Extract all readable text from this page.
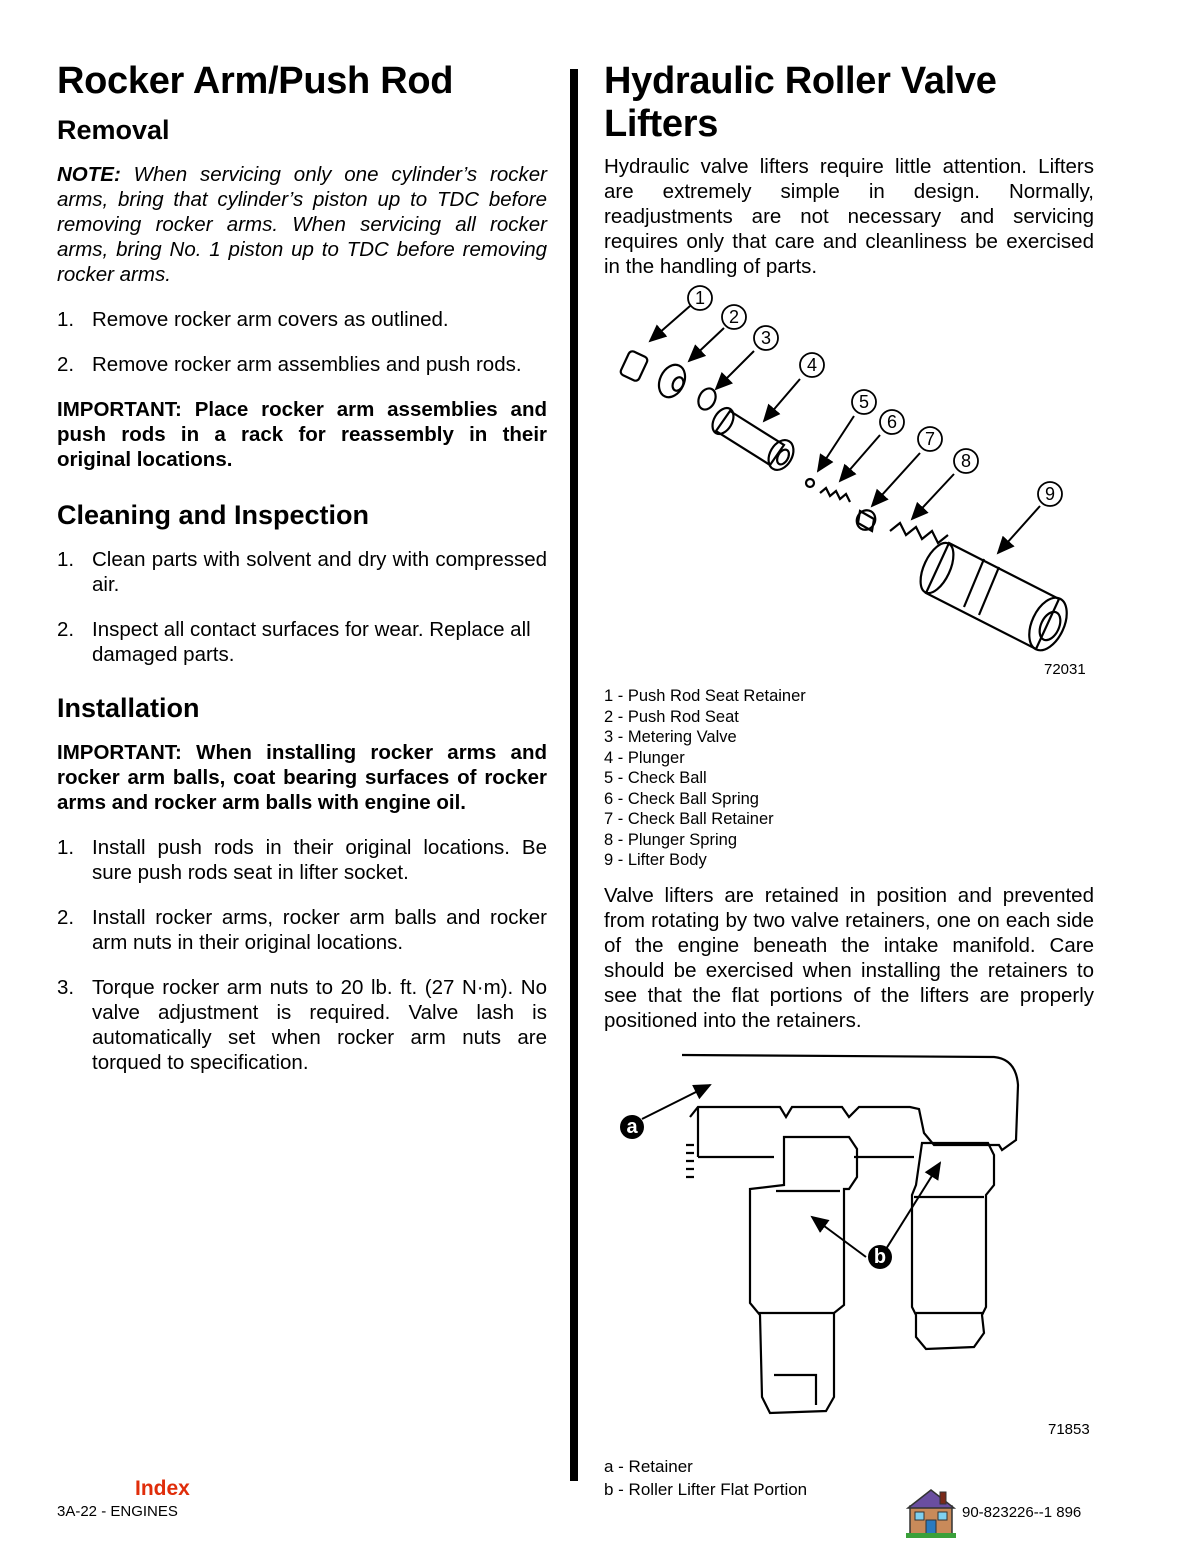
Rocker Arm/Push Rod
Removal

NOTE: When servicing only one cylinder’s rocker arms, bring that cylinder’s piston up to TDC before removing rocker arms. When servicing all rocker arms, bring No. 1 piston up to TDC before removing rocker arms.

1. Remove rocker arm covers as outlined.
2. Remove rocker arm assemblies and push rods.

IMPORTANT: Place rocker arm assemblies and push rods in a rack for reassembly in their original locations.

Cleaning and Inspection
1. Clean parts with solvent and dry with compressed air.
2. Inspect all contact surfaces for wear. Replace all damaged parts.
Installation

IMPORTANT: When installing rocker arms and rocker arm balls, coat bearing surfaces of rocker arms and rocker arm balls with engine oil.

1. Install push rods in their original locations. Be sure push rods seat in lifter socket.
2. Install rocker arms, rocker arm balls and rocker arm nuts in their original locations.
3. Torque rocker arm nuts to 20 lb. ft. (27 N·m). No valve adjustment is required. Valve lash is automatically set when rocker arm nuts are torqued to specification.
Hydraulic Roller Valve Lifters

Hydraulic valve lifters require little attention. Lifters are extremely simple in design. Normally, readjustments are not necessary and servicing requires only that care and cleanliness be exercised in the handling of parts.

1
2
3
4
5
6
7
8
9
72031
1 - Push Rod Seat Retainer
2 - Push Rod Seat
3 - Metering Valve
4 - Plunger
5 - Check Ball
6 - Check Ball Spring
7 - Check Ball Retainer
8 - Plunger Spring
9 - Lifter Body

Valve lifters are retained in position and prevented from rotating by two valve retainers, one on each side of the engine beneath the intake manifold. Care should be exercised when installing the retainers to see that the flat portions of the lifters are properly positioned into the retainers.

a
b
71853
a - Retainer
b - Roller Lifter Flat Portion
Index
3A-22 - ENGINES	90-823226--1 896
